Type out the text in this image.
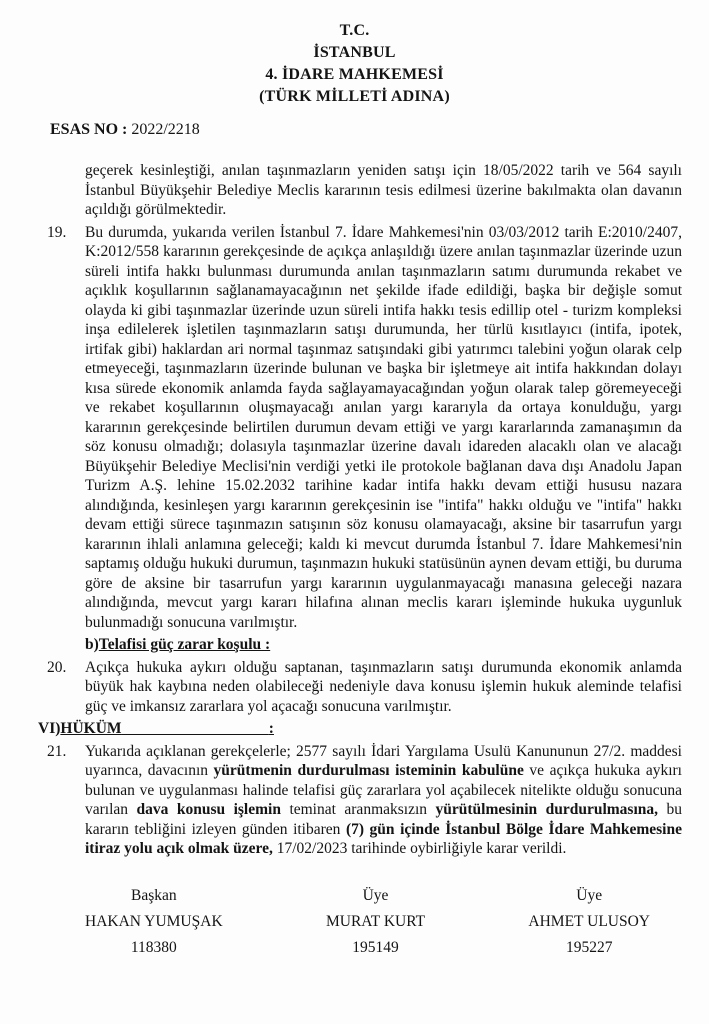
T.C.
İSTANBUL
4. İDARE MAHKEMESİ
(TÜRK MİLLETİ ADINA)
ESAS NO : 2022/2218
geçerek kesinleştiği, anılan taşınmazların yeniden satışı için 18/05/2022 tarih ve 564 sayılı İstanbul Büyükşehir Belediye Meclis kararının tesis edilmesi üzerine bakılmakta olan davanın açıldığı görülmektedir.
19. Bu durumda, yukarıda verilen İstanbul 7. İdare Mahkemesi'nin 03/03/2012 tarih E:2010/2407, K:2012/558 kararının gerekçesinde de açıkça anlaşıldığı üzere anılan taşınmazlar üzerinde uzun süreli intifa hakkı bulunması durumunda anılan taşınmazların satımı durumunda rekabet ve açıklık koşullarının sağlanamayacağının net şekilde ifade edildiği, başka bir değişle somut olayda ki gibi taşınmazlar üzerinde uzun süreli intifa hakkı tesis edillip otel - turizm kompleksi inşa edilelerek işletilen taşınmazların satışı durumunda, her türlü kısıtlayıcı (intifa, ipotek, irtifak gibi) haklardan ari normal taşınmaz satışındaki gibi yatırımcı talebini yoğun olarak celp etmeyeceği, taşınmazların üzerinde bulunan ve başka bir işletmeye ait intifa hakkından dolayı kısa sürede ekonomik anlamda fayda sağlayamayacağından yoğun olarak talep göremeyeceği ve rekabet koşullarının oluşmayacağı anılan yargı kararıyla da ortaya konulduğu, yargı kararının gerekçesinde belirtilen durumun devam ettiği ve yargı kararlarında zamanaşımın da söz konusu olmadığı; dolasıyla taşınmazlar üzerine davalı idareden alacaklı olan ve alacağı Büyükşehir Belediye Meclisi'nin verdiği yetki ile protokole bağlanan dava dışı Anadolu Japan Turizm A.Ş. lehine 15.02.2032 tarihine kadar intifa hakkı devam ettiği hususu nazara alındığında, kesinleşen yargı kararının gerekçesinin ise "intifa" hakkı olduğu ve "intifa" hakkı devam ettiği sürece taşınmazın satışının söz konusu olamayacağı, aksine bir tasarrufun yargı kararının ihlali anlamına geleceği; kaldı ki mevcut durumda İstanbul 7. İdare Mahkemesi'nin saptamış olduğu hukuki durumun, taşınmazın hukuki statüsünün aynen devam ettiği, bu duruma göre de aksine bir tasarrufun yargı kararının uygulanmayacağı manasına geleceği nazara alındığında, mevcut yargı kararı hilafına alınan meclis kararı işleminde hukuka uygunluk bulunmadığı sonucuna varılmıştır.
b)Telafisi güç zarar koşulu :
20. Açıkça hukuka aykırı olduğu saptanan, taşınmazların satışı durumunda ekonomik anlamda büyük hak kaybına neden olabileceği nedeniyle dava konusu işlemin hukuk aleminde telafisi güç ve imkansız zararlara yol açacağı sonucuna varılmıştır.
VI)HÜKÜM	:
21. Yukarıda açıklanan gerekçelerle; 2577 sayılı İdari Yargılama Usulü Kanununun 27/2. maddesi uyarınca, davacının yürütmenin durdurulması isteminin kabulüne ve açıkça hukuka aykırı bulunan ve uygulanması halinde telafisi güç zararlara yol açabilecek nitelikte olduğu sonucuna varılan dava konusu işlemin teminat aranmaksızın yürütülmesinin durdurulmasına, bu kararın tebliğini izleyen günden itibaren (7) gün içinde İstanbul Bölge İdare Mahkemesine itiraz yolu açık olmak üzere, 17/02/2023 tarihinde oybirliğiyle karar verildi.
Başkan
HAKAN YUMUŞAK
118380
Üye
MURAT KURT
195149
Üye
AHMET ULUSOY
195227
